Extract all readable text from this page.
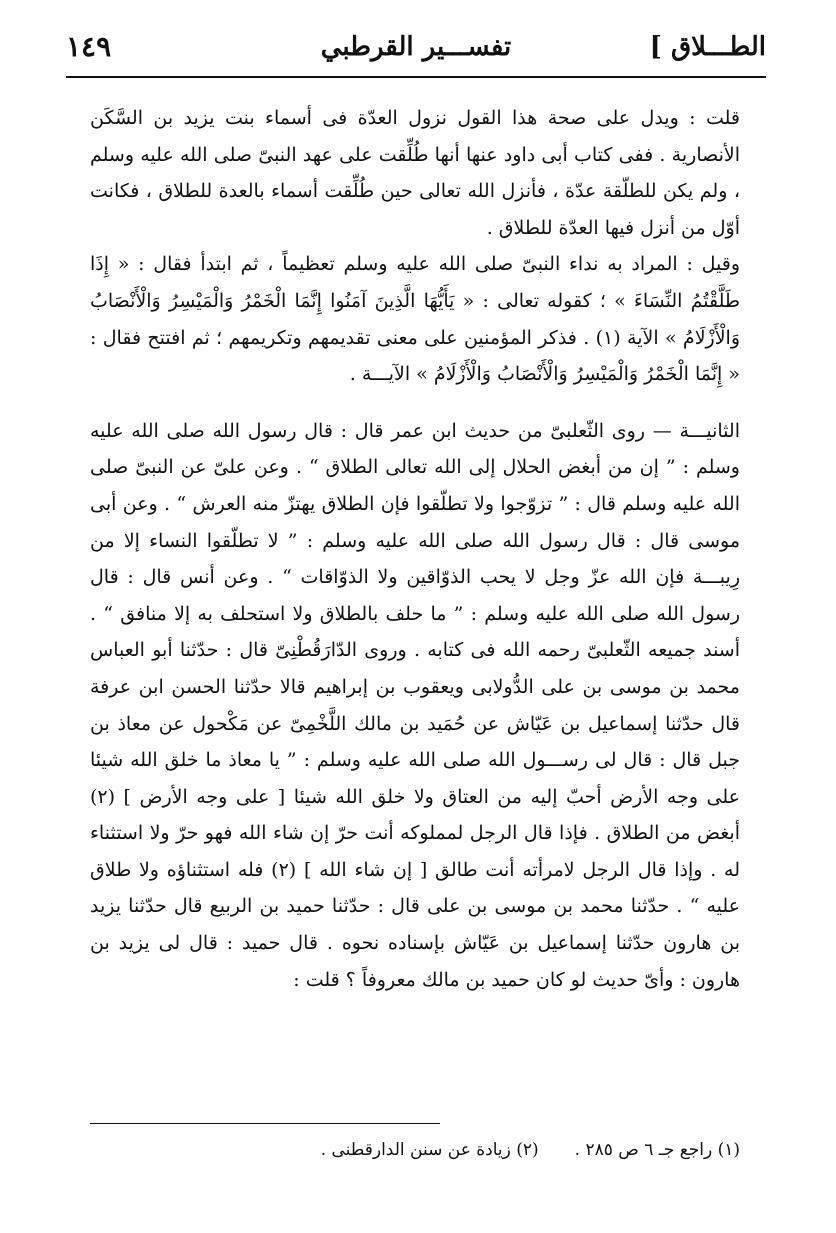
الطـــلاق ]
تفســـير القرطبي
١٤٩

قلت : ويدل على صحة هذا القول نزول العدّة فى أسماء بنت يزيد بن السَّكَن الأنصارية . ففى كتاب أبى داود عنها أنها طُلِّقت على عهد النبىّ صلى الله عليه وسلم ، ولم يكن للطلّقة عدّة ، فأنزل الله تعالى حين طُلِّقت أسماء بالعدة للطلاق ، فكانت أوّل من أنزل فيها العدّة للطلاق .

وقيل : المراد به نداء النبىّ صلى الله عليه وسلم تعظيماً ، ثم ابتدأ فقال : « إِذَا طَلَّقْتُمُ النِّسَاءَ » ؛ كقوله تعالى : « يَأَيُّهَا الَّذِينَ آمَنُوا إِنَّمَا الْخَمْرُ وَالْمَيْسِرُ وَالْأَنْصَابُ وَالْأَزْلَامُ » الآية (١) . فذكر المؤمنين على معنى تقديمهم وتكريمهم ؛ ثم افتتح فقال : « إِنَّمَا الْخَمْرُ وَالْمَيْسِرُ وَالْأَنْصَابُ وَالْأَزْلَامُ » الآيـــة .

الثانيـــة — روى الثّعلبىّ من حديث ابن عمر قال : قال رسول الله صلى الله عليه وسلم : ” إن من أبغض الحلال إلى الله تعالى الطلاق “ . وعن علىّ عن النبىّ صلى الله عليه وسلم قال : ” تزوّجوا ولا تطلّقوا فإن الطلاق يهتزّ منه العرش “ . وعن أبى موسى قال : قال رسول الله صلى الله عليه وسلم : ” لا تطلّقوا النساء إلا من رِيبـــة فإن الله عزّ وجل لا يحب الذوّاقين ولا الذوّاقات “ . وعن أنس قال : قال رسول الله صلى الله عليه وسلم : ” ما حلف بالطلاق ولا استحلف به إلا منافق “ . أسند جميعه الثّعلبىّ رحمه الله فى كتابه . وروى الدّارَقُطْنِىّ قال : حدّثنا أبو العباس محمد بن موسى بن على الدُّولابى ويعقوب بن إبراهيم قالا حدّثنا الحسن ابن عرفة قال حدّثنا إسماعيل بن عَيّاش عن حُمَيد بن مالك اللَّخْمِىّ عن مَكْحول عن معاذ بن جبل قال : قال لى رســـول الله صلى الله عليه وسلم : ” يا معاذ ما خلق الله شيئا على وجه الأرض أحبّ إليه من العتاق ولا خلق الله شيئا [ على وجه الأرض ] (٢) أبغض من الطلاق . فإذا قال الرجل لمملوكه أنت حرّ إن شاء الله فهو حرّ ولا استثناء له . وإذا قال الرجل لامرأته أنت طالق [ إن شاء الله ] (٢) فله استثناؤه ولا طلاق عليه “ . حدّثنا محمد بن موسى بن على قال : حدّثنا حميد بن الربيع قال حدّثنا يزيد بن هارون حدّثنا إسماعيل بن عَيّاش بإسناده نحوه . قال حميد : قال لى يزيد بن هارون : وأىّ حديث لو كان حميد بن مالك معروفاً ؟ قلت :

(١) راجع جـ ٦ ص ٢٨٥ .
(٢) زيادة عن سنن الدارقطنى .
